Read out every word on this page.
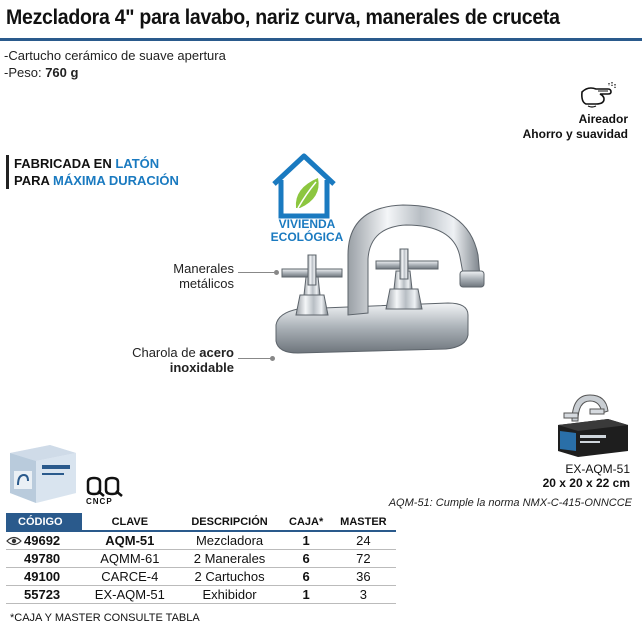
Mezcladora 4" para lavabo, nariz curva, manerales de cruceta
-Cartucho cerámico de suave apertura
-Peso: 760 g
Aireador
Ahorro y suavidad
FABRICADA EN LATÓN
PARA MÁXIMA DURACIÓN
VIVIENDA
ECOLÓGICA
Manerales
metálicos
Charola de acero
inoxidable
EX-AQM-51
20 x 20 x 22 cm
CNCP	AQM-51: Cumple la norma NMX-C-415-ONNCCE
CÓDIGO	CLAVE	DESCRIPCIÓN	CAJA*	MASTER

49692	AQM-51	Mezcladora	1	24
49780	AQMM-61	2 Manerales	6	72
49100	CARCE-4	2 Cartuchos	6	36
55723	EX-AQM-51	Exhibidor	1	3
*CAJA Y MASTER CONSULTE TABLA
